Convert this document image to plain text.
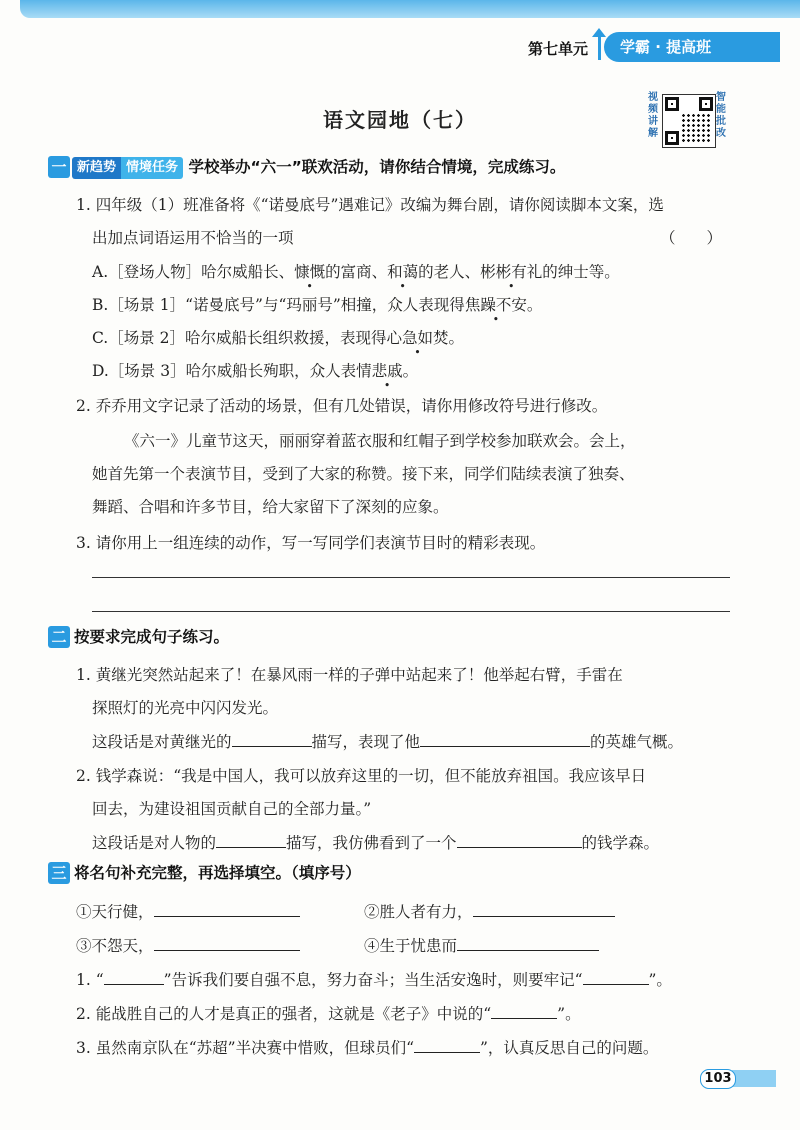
第七单元	学霸 · 提高班
语文园地（七）
视频讲解
智能批改
一 新趋势 情境任务 学校举办“六一”联欢活动，请你结合情境，完成练习。
1. 四年级（1）班准备将《“诺曼底号”遇难记》改编为舞台剧，请你阅读脚本文案，选
出加点词语运用不恰当的一项	（　　）
A.［登场人物］哈尔威船长、慷慨的富商、和蔼的老人、彬彬有礼的绅士等。
B.［场景 1］“诺曼底号”与“玛丽号”相撞，众人表现得焦躁不安。
C.［场景 2］哈尔威船长组织救援，表现得心急如焚。
D.［场景 3］哈尔威船长殉职，众人表情悲戚。
2. 乔乔用文字记录了活动的场景，但有几处错误，请你用修改符号进行修改。
《六一》儿童节这天，丽丽穿着蓝衣服和红帽子到学校参加联欢会。会上，
她首先第一个表演节目，受到了大家的称赞。接下来，同学们陆续表演了独奏、
舞蹈、合唱和许多节目，给大家留下了深刻的应象。
3. 请你用上一组连续的动作，写一写同学们表演节目时的精彩表现。
二 按要求完成句子练习。
1. 黄继光突然站起来了！在暴风雨一样的子弹中站起来了！他举起右臂，手雷在
探照灯的光亮中闪闪发光。
这段话是对黄继光的	描写，表现了他	的英雄气概。
2. 钱学森说：“我是中国人，我可以放弃这里的一切，但不能放弃祖国。我应该早日
回去，为建设祖国贡献自己的全部力量。”
这段话是对人物的	描写，我仿佛看到了一个	的钱学森。
三 将名句补充完整，再选择填空。（填序号）
①天行健，	②胜人者有力，
③不怨天，	④生于忧患而
1. “	”告诉我们要自强不息，努力奋斗；当生活安逸时，则要牢记“	”。
2. 能战胜自己的人才是真正的强者，这就是《老子》中说的“	”。
3. 虽然南京队在“苏超”半决赛中惜败，但球员们“	”，认真反思自己的问题。
103
